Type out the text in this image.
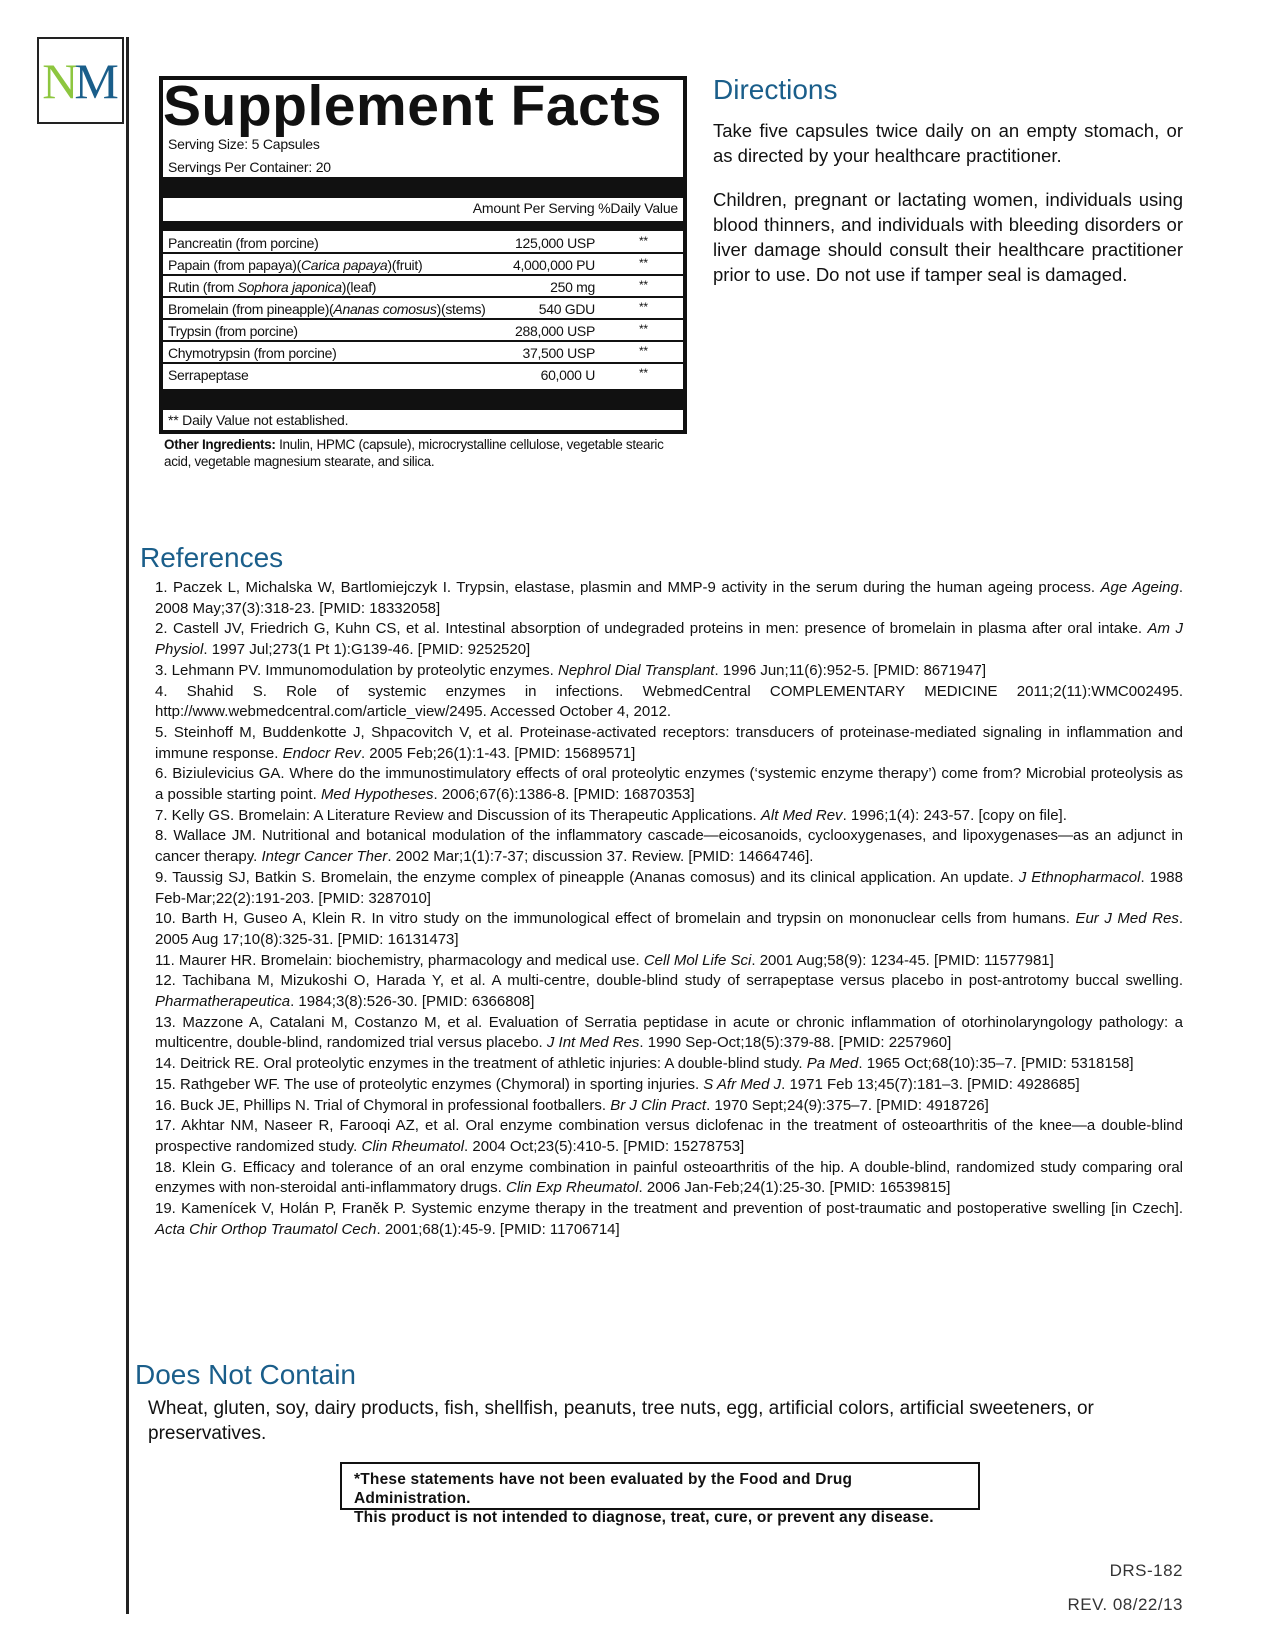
N
M Supplement Facts
Serving Size: 5 Capsules
Servings Per Container: 20
Amount Per Serving %Daily Value
Pancreatin (from porcine)	125,000 USP	**
Papain (from papaya)(Carica papaya)(fruit)	4,000,000 PU	**
Rutin (from Sophora japonica)(leaf)	250 mg	**
Bromelain (from pineapple)(Ananas comosus)(stems)	540 GDU	**
Trypsin (from porcine)	288,000 USP	**
Chymotrypsin (from porcine)	37,500 USP	**
Serrapeptase	60,000 U	**
** Daily Value not established.
Other Ingredients: Inulin, HPMC (capsule), microcrystalline cellulose, vegetable stearic acid, vegetable magnesium stearate, and silica.
Directions
Take five capsules twice daily on an empty stomach, or as directed by your healthcare practitioner.
Children, pregnant or lactating women, individuals using blood thinners, and individuals with bleeding disorders or liver damage should consult their healthcare practitioner prior to use. Do not use if tamper seal is damaged.
References
1. Paczek L, Michalska W, Bartlomiejczyk I. Trypsin, elastase, plasmin and MMP-9 activity in the serum during the human ageing process. Age Ageing. 2008 May;37(3):318-23. [PMID: 18332058]
2. Castell JV, Friedrich G, Kuhn CS, et al. Intestinal absorption of undegraded proteins in men: presence of bromelain in plasma after oral intake. Am J Physiol. 1997 Jul;273(1 Pt 1):G139-46. [PMID: 9252520]
3. Lehmann PV. Immunomodulation by proteolytic enzymes. Nephrol Dial Transplant. 1996 Jun;11(6):952-5. [PMID: 8671947]
4. Shahid S. Role of systemic enzymes in infections. WebmedCentral COMPLEMENTARY MEDICINE 2011;2(11):WMC002495. http://www.webmedcentral.com/article_view/2495. Accessed October 4, 2012.
5. Steinhoff M, Buddenkotte J, Shpacovitch V, et al. Proteinase-activated receptors: transducers of proteinase-mediated signaling in inflammation and immune response. Endocr Rev. 2005 Feb;26(1):1-43. [PMID: 15689571]
6. Biziulevicius GA. Where do the immunostimulatory effects of oral proteolytic enzymes (‘systemic enzyme therapy’) come from? Microbial proteolysis as a possible starting point. Med Hypotheses. 2006;67(6):1386-8. [PMID: 16870353]
7. Kelly GS. Bromelain: A Literature Review and Discussion of its Therapeutic Applications. Alt Med Rev. 1996;1(4): 243-57. [copy on file].
8. Wallace JM. Nutritional and botanical modulation of the inflammatory cascade—eicosanoids, cyclooxygenases, and lipoxygenases—as an adjunct in cancer therapy. Integr Cancer Ther. 2002 Mar;1(1):7-37; discussion 37. Review. [PMID: 14664746].
9. Taussig SJ, Batkin S. Bromelain, the enzyme complex of pineapple (Ananas comosus) and its clinical application. An update. J Ethnopharmacol. 1988 Feb-Mar;22(2):191-203. [PMID: 3287010]
10. Barth H, Guseo A, Klein R. In vitro study on the immunological effect of bromelain and trypsin on mononuclear cells from humans. Eur J Med Res. 2005 Aug 17;10(8):325-31. [PMID: 16131473]
11. Maurer HR. Bromelain: biochemistry, pharmacology and medical use. Cell Mol Life Sci. 2001 Aug;58(9): 1234-45. [PMID: 11577981]
12. Tachibana M, Mizukoshi O, Harada Y, et al. A multi-centre, double-blind study of serrapeptase versus placebo in post-antrotomy buccal swelling. Pharmatherapeutica. 1984;3(8):526-30. [PMID: 6366808]
13. Mazzone A, Catalani M, Costanzo M, et al. Evaluation of Serratia peptidase in acute or chronic inflammation of otorhinolaryngology pathology: a multicentre, double-blind, randomized trial versus placebo. J Int Med Res. 1990 Sep-Oct;18(5):379-88. [PMID: 2257960]
14. Deitrick RE. Oral proteolytic enzymes in the treatment of athletic injuries: A double-blind study. Pa Med. 1965 Oct;68(10):35–7. [PMID: 5318158]
15. Rathgeber WF. The use of proteolytic enzymes (Chymoral) in sporting injuries. S Afr Med J. 1971 Feb 13;45(7):181–3. [PMID: 4928685]
16. Buck JE, Phillips N. Trial of Chymoral in professional footballers. Br J Clin Pract. 1970 Sept;24(9):375–7. [PMID: 4918726]
17. Akhtar NM, Naseer R, Farooqi AZ, et al. Oral enzyme combination versus diclofenac in the treatment of osteoarthritis of the knee—a double-blind prospective randomized study. Clin Rheumatol. 2004 Oct;23(5):410-5. [PMID: 15278753]
18. Klein G. Efficacy and tolerance of an oral enzyme combination in painful osteoarthritis of the hip. A double-blind, randomized study comparing oral enzymes with non-steroidal anti-inflammatory drugs. Clin Exp Rheumatol. 2006 Jan-Feb;24(1):25-30. [PMID: 16539815]
19. Kamenícek V, Holán P, Franěk P. Systemic enzyme therapy in the treatment and prevention of post-traumatic and postoperative swelling [in Czech]. Acta Chir Orthop Traumatol Cech. 2001;68(1):45-9. [PMID: 11706714]
Does Not Contain
Wheat, gluten, soy, dairy products, fish, shellfish, peanuts, tree nuts, egg, artificial colors, artificial sweeteners, or preservatives.
*These statements have not been evaluated by the Food and Drug Administration.
This product is not intended to diagnose, treat, cure, or prevent any disease.
DRS-182
REV. 08/22/13
